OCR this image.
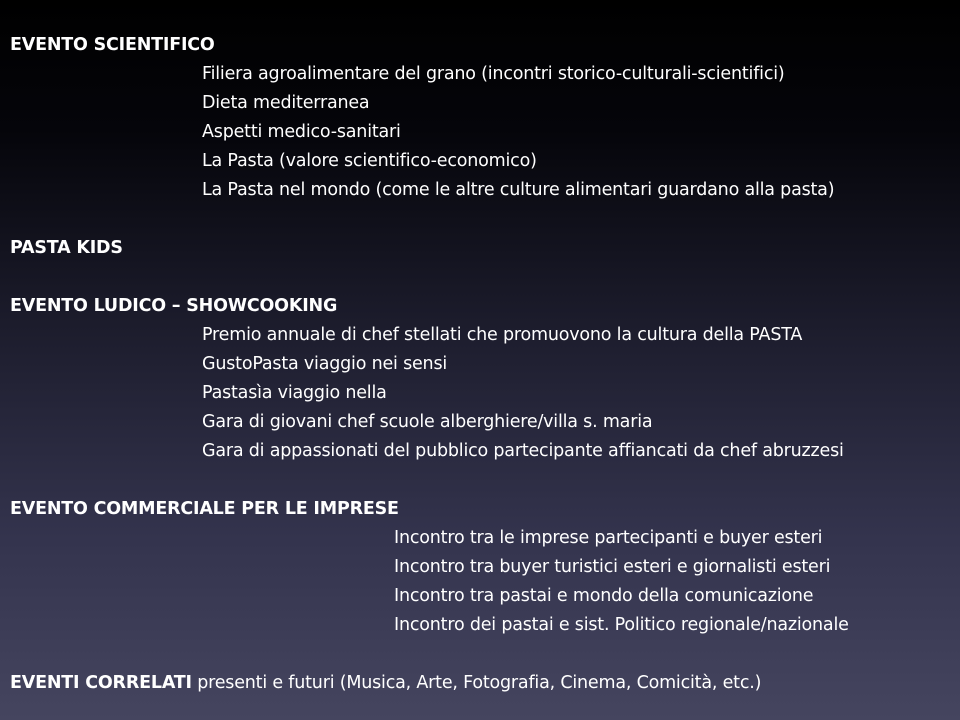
EVENTO SCIENTIFICO
Filiera agroalimentare del grano (incontri storico-culturali-scientifici)
Dieta mediterranea
Aspetti medico-sanitari
La Pasta (valore scientifico-economico)
La Pasta nel mondo (come le altre culture alimentari guardano alla pasta)
PASTA KIDS
EVENTO LUDICO – SHOWCOOKING
Premio annuale di chef stellati che promuovono la cultura della PASTA
GustoPasta viaggio nei sensi
Pastasìa viaggio nella
Gara di giovani chef scuole alberghiere/villa s. maria
Gara di appassionati del pubblico partecipante affiancati da chef abruzzesi
EVENTO COMMERCIALE PER LE IMPRESE
Incontro tra le imprese partecipanti e buyer esteri
Incontro tra buyer turistici esteri e giornalisti esteri
Incontro tra pastai e mondo della comunicazione
Incontro dei pastai e sist. Politico regionale/nazionale
EVENTI CORRELATI presenti e futuri (Musica, Arte, Fotografia, Cinema, Comicità, etc.)
